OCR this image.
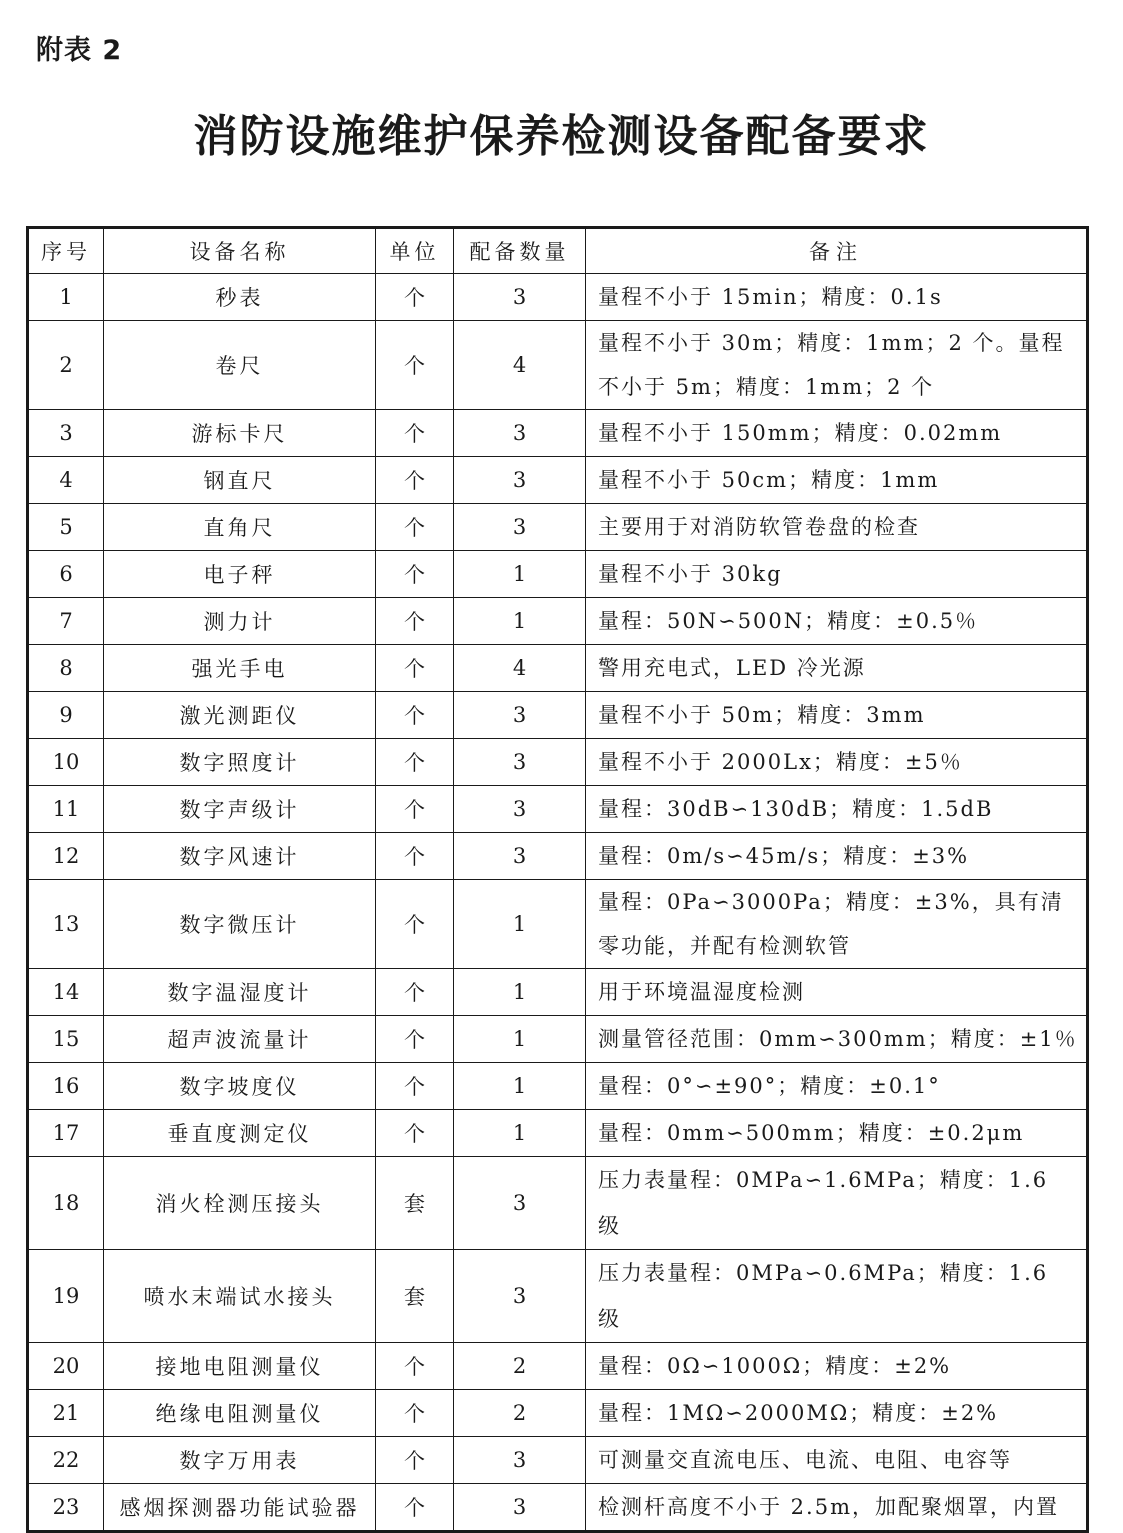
附表 2
消防设施维护保养检测设备配备要求
序号	设备名称	单位	配备数量	备注
1	秒表	个	3	量程不小于 15min；精度：0.1s
2	卷尺	个	4	量程不小于 30m；精度：1mm；2 个。量程不小于 5m；精度：1mm；2 个
3	游标卡尺	个	3	量程不小于 150mm；精度：0.02mm
4	钢直尺	个	3	量程不小于 50cm；精度：1mm
5	直角尺	个	3	主要用于对消防软管卷盘的检查
6	电子秤	个	1	量程不小于 30kg
7	测力计	个	1	量程：50N∽500N；精度：±0.5％
8	强光手电	个	4	警用充电式，LED 冷光源
9	激光测距仪	个	3	量程不小于 50m；精度：3mm
10	数字照度计	个	3	量程不小于 2000Lx；精度：±5％
11	数字声级计	个	3	量程：30dB∽130dB；精度：1.5dB
12	数字风速计	个	3	量程：0m/s∽45m/s；精度：±3%
13	数字微压计	个	1	量程：0Pa∽3000Pa；精度：±3%，具有清零功能，并配有检测软管
14	数字温湿度计	个	1	用于环境温湿度检测
15	超声波流量计	个	1	测量管径范围：0mm∽300mm；精度：±1％
16	数字坡度仪	个	1	量程：0°∽±90°；精度：±0.1°
17	垂直度测定仪	个	1	量程：0mm∽500mm；精度：±0.2μm
18	消火栓测压接头	套	3	压力表量程：0MPa∽1.6MPa；精度：1.6 级
19	喷水末端试水接头	套	3	压力表量程：0MPa∽0.6MPa；精度：1.6 级
20	接地电阻测量仪	个	2	量程：0Ω∽1000Ω；精度：±2%
21	绝缘电阻测量仪	个	2	量程：1MΩ∽2000MΩ；精度：±2%
22	数字万用表	个	3	可测量交直流电压、电流、电阻、电容等
23	感烟探测器功能试验器	个	3	检测杆高度不小于 2.5m，加配聚烟罩，内置
